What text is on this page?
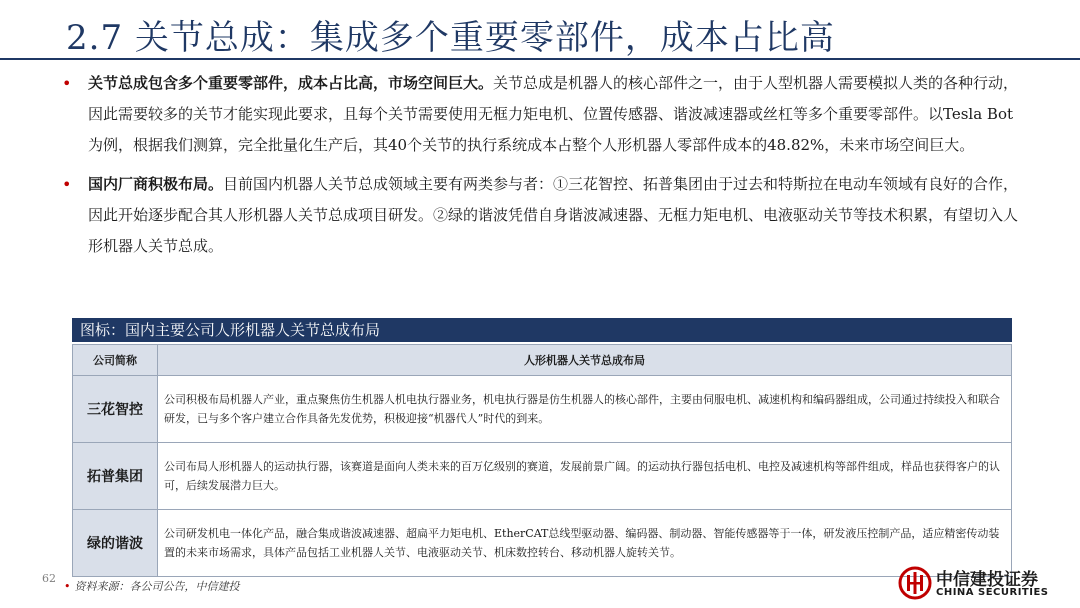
2.7 关节总成：集成多个重要零部件，成本占比高
• 关节总成包含多个重要零部件，成本占比高，市场空间巨大。关节总成是机器人的核心部件之一，由于人型机器人需要模拟人类的各种行动，因此需要较多的关节才能实现此要求，且每个关节需要使用无框力矩电机、位置传感器、谐波减速器或丝杠等多个重要零部件。以Tesla Bot为例，根据我们测算，完全批量化生产后，其40个关节的执行系统成本占整个人形机器人零部件成本的48.82%，未来市场空间巨大。
• 国内厂商积极布局。目前国内机器人关节总成领域主要有两类参与者：①三花智控、拓普集团由于过去和特斯拉在电动车领域有良好的合作，因此开始逐步配合其人形机器人关节总成项目研发。②绿的谐波凭借自身谐波减速器、无框力矩电机、电液驱动关节等技术积累，有望切入人形机器人关节总成。
图标：国内主要公司人形机器人关节总成布局
公司简称	人形机器人关节总成布局
三花智控	公司积极布局机器人产业，重点聚焦仿生机器人机电执行器业务，机电执行器是仿生机器人的核心部件，主要由伺服电机、减速机构和编码器组成，公司通过持续投入和联合研发，已与多个客户建立合作具备先发优势，积极迎接“机器代人”时代的到来。
拓普集团	公司布局人形机器人的运动执行器，该赛道是面向人类未来的百万亿级别的赛道，发展前景广阔。的运动执行器包括电机、电控及减速机构等部件组成，样品也获得客户的认可，后续发展潜力巨大。
绿的谐波	公司研发机电一体化产品，融合集成谐波减速器、超扁平力矩电机、EtherCAT总线型驱动器、编码器、制动器、智能传感器等于一体，研发液压控制产品，适应精密传动装置的未来市场需求，具体产品包括工业机器人关节、电液驱动关节、机床数控转台、移动机器人旋转关节。
62
• 资料来源：各公司公告，中信建投	中信建投证券
CHINA SECURITIES
